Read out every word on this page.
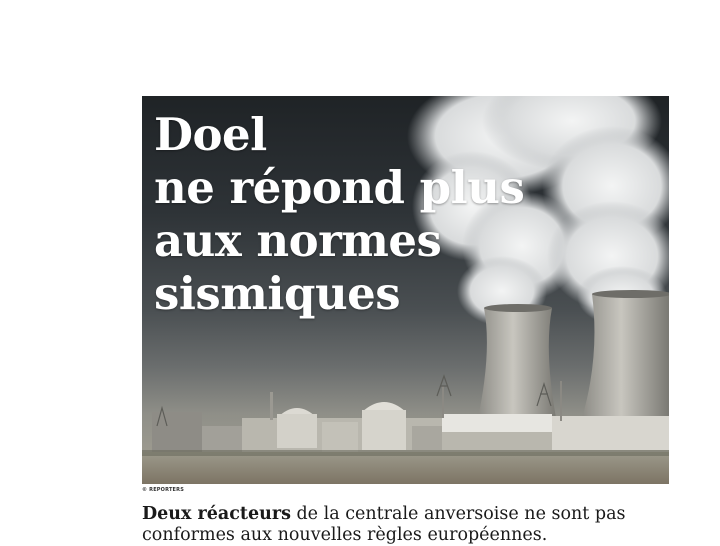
Doel
ne répond plus
aux normes
sismiques
© REPORTERS

Deux réacteurs de la centrale anversoise ne sont pas conformes aux nouvelles règles européennes.
